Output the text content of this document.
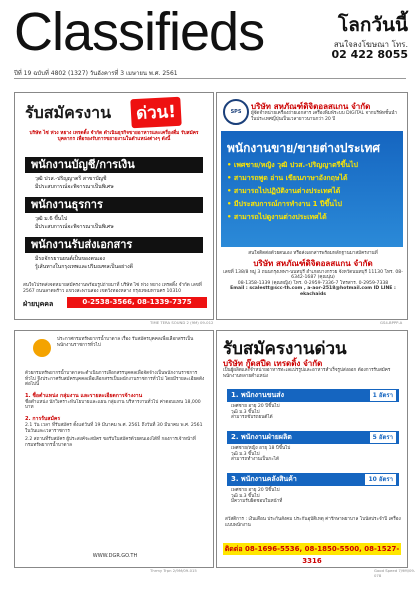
Classifieds	โลกวันนี้
สนใจลงโฆษณา โทร.
02 422 8055
ปีที่ 19 ฉบับที่ 4802 (1327) วันอังคารที่ 3 เมษายน พ.ศ. 2561
รับสมัครงาน	ด่วน!
บริษัท ไซ่ ห่วง หยาง เทรดดิ้ง จำกัด ดำเนินธุรกิจขายอาหารและเครื่องดื่ม รับสมัครบุคลากร เพื่อรองรับการขยายงานในตำแหน่งต่างๆ ดังนี้
พนักงานบัญชี/การเงิน
วุฒิ ปวส.-ปริญญาตรี สาขาบัญชี
มีประสบการณ์จะพิจารณาเป็นพิเศษ
พนักงานธุรการ
วุฒิ ม.6 ขึ้นไป
มีประสบการณ์จะพิจารณาเป็นพิเศษ
พนักงานรับส่งเอกสาร
มีรถจักรยานยนต์เป็นของตนเอง
รู้เส้นทางในกรุงเทพและปริมณฑลเป็นอย่างดี
สนใจโปรดส่งจดหมายสมัครงานพร้อมรูปถ่ายมาที่ บริษัท ไซ่ ห่วง หยาง เทรดดิ้ง จำกัด เลขที่ 2567 ถนนลาดพร้าว แขวงสะพานสอง เขตวังทองหลาง กรุงเทพมหานคร 10310
ฝ่ายบุคคล	0-2538-3566, 08-1339-7375
TIME TERA SOUND 2 (9M) 09-012
SPS
บริษัท สหภัณฑ์ดิจิตอลสแกน จำกัด
ผู้จัดจำหน่ายเครื่องถ่ายเอกสาร เครื่องพิมพ์ระบบ DIGITAL จากบริษัทชั้นนำในประเทศญี่ปุ่นเป็นเวลายาวนานกว่า 20 ปี
พนักงานขาย/ขายต่างประเทศ
• เพศชาย/หญิง วุฒิ ปวส.-ปริญญาตรีขึ้นไป
• สามารถพูด อ่าน เขียนภาษาอังกฤษได้
• สามารถไปปฏิบัติงานต่างประเทศได้
• มีประสบการณ์การทำงาน 1 ปีขึ้นไป
• สามารถไปดูงานต่างประเทศได้
สนใจติดต่อด้วยตนเอง หรือส่งเอกสารพร้อมหลักฐานมาสมัครงานที่
บริษัท สหภัณฑ์ดิจิตอลสแกน จำกัด
เลขที่ 138/8 หมู่ 3 ถนนกรุงเทพฯ-นนทบุรี อำเภอบางกรวย จังหวัดนนทบุรี 11130 โทร. 08-6342-1687 (คุณนุ่น)
08-1358-1339 (คุณหญิง) โทร. 0-2959-7336-7 โทรสาร. 0-2959-7338
Email : scalestt@scc-th.com , a-aor-2518@hotmail.com ID LINE : ekachaids
GS4-BPPP-A
ประกาศกรมทรัพยากรน้ำบาดาล เรื่อง รับสมัครบุคคลเพื่อเลือกสรรเป็นพนักงานราชการทั่วไป
ด้วยกรมทรัพยากรน้ำบาดาลจะดำเนินการเลือกสรรบุคคลเพื่อจัดจ้างเป็นพนักงานราชการทั่วไป จึงประกาศรับสมัครบุคคลเพื่อเลือกสรรเป็นพนักงานราชการทั่วไป โดยมีรายละเอียดดังต่อไปนี้
1. ชื่อตำแหน่ง กลุ่มงาน และรายละเอียดการจ้างงาน
ชื่อตำแหน่ง นักวิเคราะห์นโยบายและแผน กลุ่มงาน บริหารงานทั่วไป ค่าตอบแทน 18,000 บาท
2. การรับสมัคร
2.1 วัน เวลา ที่รับสมัคร ตั้งแต่วันที่ 19 มีนาคม พ.ศ. 2561 ถึงวันที่ 30 มีนาคม พ.ศ. 2561 ในวันและเวลาราชการ
2.2 สถานที่รับสมัคร ผู้ประสงค์จะสมัคร ขอรับใบสมัครด้วยตนเองได้ที่ กองการเจ้าหน้าที่ กรมทรัพยากรน้ำบาดาล
WWW.DGR.GO.TH
Thrmy Trpn 2/9M/09-015
รับสมัครงานด่วน
บริษัท กู๊ดสปีด เทรดดิ้ง จำกัด
เป็นผู้ผลิตและจำหน่ายอาหารทะเลแปรรูปและอาหารสำเร็จรูปส่งออก ต้องการรับสมัครพนักงานหลายตำแหน่ง
1. พนักงานขนส่ง	1 อัตรา
เพศชาย อายุ 20 ปีขึ้นไป
วุฒิ ม.3 ขึ้นไป
สามารถขับรถยนต์ได้
2. พนักงานฝ่ายผลิต	5 อัตรา
เพศชาย/หญิง อายุ 18 ปีขึ้นไป
วุฒิ ม.3 ขึ้นไป
สามารถทำงานเป็นกะได้
3. พนักงานคลังสินค้า	10 อัตรา
เพศชาย อายุ 20 ปีขึ้นไป
วุฒิ ม.3 ขึ้นไป
มีความรับผิดชอบในหน้าที่
สวัสดิการ : เงินเดือน ประกันสังคม ประกันอุบัติเหตุ ค่ารักษาพยาบาล โบนัสประจำปี เครื่องแบบพนักงาน
ติดต่อ 08-1696-5536, 08-1850-5500, 08-1527-3316
Good Speed 7/9M/09-078
